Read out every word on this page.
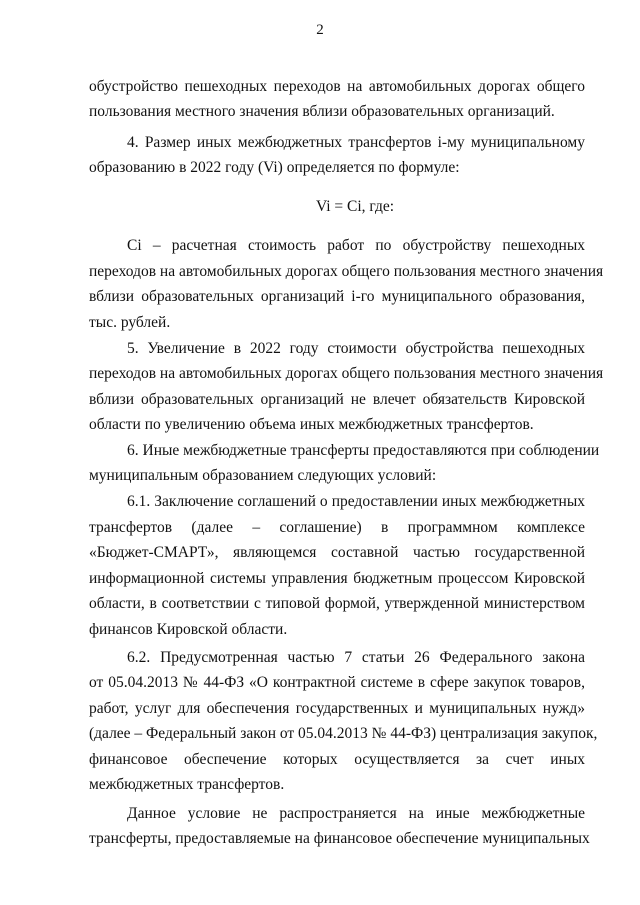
2
обустройство пешеходных переходов на автомобильных дорогах общего
пользования местного значения вблизи образовательных организаций.
4. Размер иных межбюджетных трансфертов i-му муниципальному
образованию в 2022 году (Vi) определяется по формуле:
Vi = Ci, где:
Ci – расчетная стоимость работ по обустройству пешеходных
переходов на автомобильных дорогах общего пользования местного значения
вблизи образовательных организаций i-го муниципального образования,
тыс. рублей.
5. Увеличение в 2022 году стоимости обустройства пешеходных
переходов на автомобильных дорогах общего пользования местного значения
вблизи образовательных организаций не влечет обязательств Кировской
области по увеличению объема иных межбюджетных трансфертов.
6. Иные межбюджетные трансферты предоставляются при соблюдении
муниципальным образованием следующих условий:
6.1. Заключение соглашений о предоставлении иных межбюджетных
трансфертов (далее – соглашение) в программном комплексе
«Бюджет-СМАРТ», являющемся составной частью государственной
информационной системы управления бюджетным процессом Кировской
области, в соответствии с типовой формой, утвержденной министерством
финансов Кировской области.
6.2. Предусмотренная частью 7 статьи 26 Федерального закона
от 05.04.2013 № 44-ФЗ «О контрактной системе в сфере закупок товаров,
работ, услуг для обеспечения государственных и муниципальных нужд»
(далее – Федеральный закон от 05.04.2013 № 44-ФЗ) централизация закупок,
финансовое обеспечение которых осуществляется за счет иных
межбюджетных трансфертов.
Данное условие не распространяется на иные межбюджетные
трансферты, предоставляемые на финансовое обеспечение муниципальных
